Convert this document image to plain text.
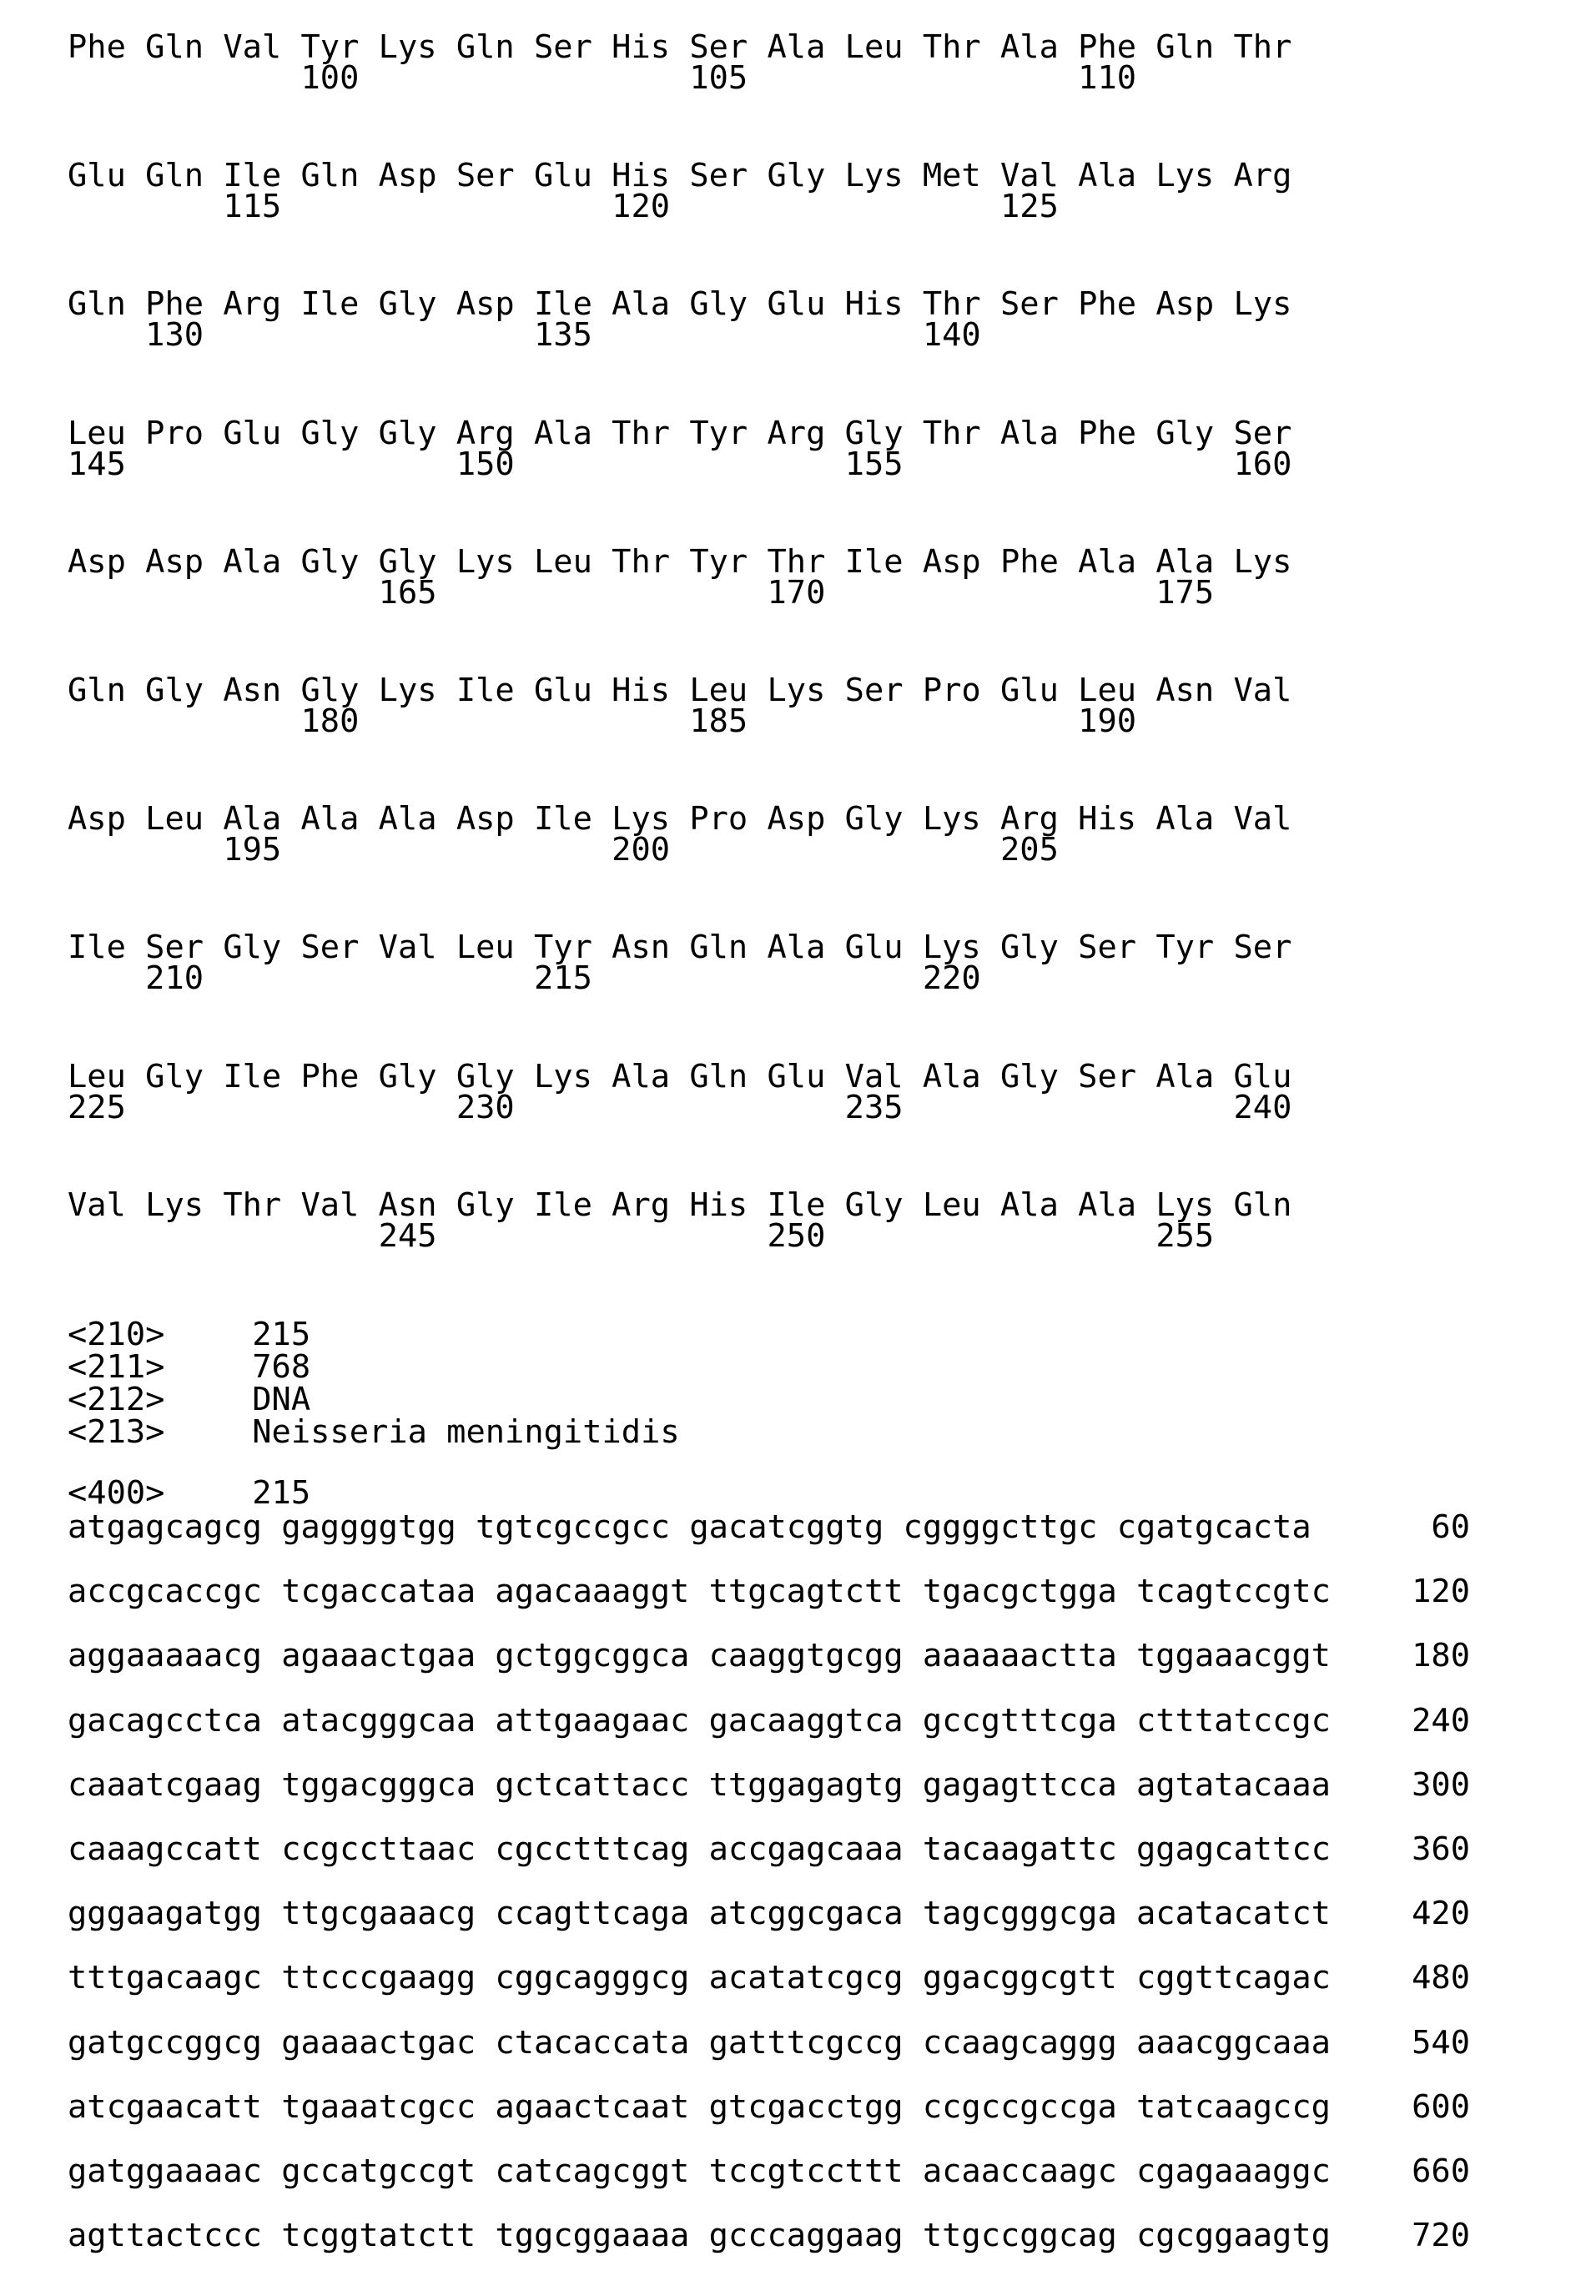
Phe Gln Val Tyr Lys Gln Ser His Ser Ala Leu Thr Ala Phe Gln Thr
100	105	110
Glu Gln Ile Gln Asp Ser Glu His Ser Gly Lys Met Val Ala Lys Arg
115	120	125
Gln Phe Arg Ile Gly Asp Ile Ala Gly Glu His Thr Ser Phe Asp Lys
130	135	140
Leu Pro Glu Gly Gly Arg Ala Thr Tyr Arg Gly Thr Ala Phe Gly Ser
145	150	155	160
Asp Asp Ala Gly Gly Lys Leu Thr Tyr Thr Ile Asp Phe Ala Ala Lys
165	170	175
Gln Gly Asn Gly Lys Ile Glu His Leu Lys Ser Pro Glu Leu Asn Val
180	185	190
Asp Leu Ala Ala Ala Asp Ile Lys Pro Asp Gly Lys Arg His Ala Val
195	200	205
Ile Ser Gly Ser Val Leu Tyr Asn Gln Ala Glu Lys Gly Ser Tyr Ser
210	215	220
Leu Gly Ile Phe Gly Gly Lys Ala Gln Glu Val Ala Gly Ser Ala Glu
225	230	235	240
Val Lys Thr Val Asn Gly Ile Arg His Ile Gly Leu Ala Ala Lys Gln
245	250	255
<210>	215
<211>	768
<212>	DNA
<213>	Neisseria meningitidis
<400>	215
atgagcagcg gaggggtgg tgtcgccgcc gacatcggtg cggggcttgc cgatgcacta	60
accgcaccgc tcgaccataa agacaaaggt ttgcagtctt tgacgctgga tcagtccgtc	120
aggaaaaacg agaaactgaa gctggcggca caaggtgcgg aaaaaactta tggaaacggt	180
gacagcctca atacgggcaa attgaagaac gacaaggtca gccgtttcga ctttatccgc	240
caaatcgaag tggacgggca gctcattacc ttggagagtg gagagttcca agtatacaaa	300
caaagccatt ccgccttaac cgcctttcag accgagcaaa tacaagattc ggagcattcc	360
gggaagatgg ttgcgaaacg ccagttcaga atcggcgaca tagcgggcga acatacatct	420
tttgacaagc ttcccgaagg cggcagggcg acatatcgcg ggacggcgtt cggttcagac	480
gatgccggcg gaaaactgac ctacaccata gatttcgccg ccaagcaggg aaacggcaaa	540
atcgaacatt tgaaatcgcc agaactcaat gtcgacctgg ccgccgccga tatcaagccg	600
gatggaaaac gccatgccgt catcagcggt tccgtccttt acaaccaagc cgagaaaggc	660
agttactccc tcggtatctt tggcggaaaa gcccaggaag ttgccggcag cgcggaagtg	720
